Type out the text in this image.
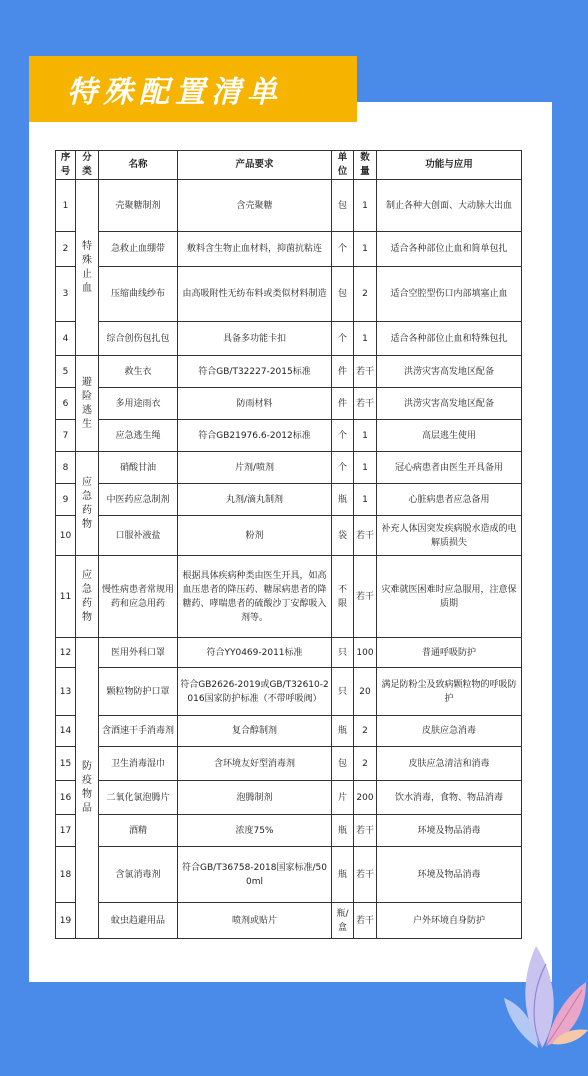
特殊配置清单
序号	分类	名称	产品要求	单位	数量	功能与应用
1	特殊止血	壳聚糖制剂	含壳聚糖	包	1	制止各种大创面、大动脉大出血
2		急救止血绷带	敷料含生物止血材料，抑菌抗粘连	个	1	适合各种部位止血和简单包扎
3		压缩曲线纱布	由高吸附性无纺布料或类似材料制造	包	2	适合空腔型伤口内部填塞止血
4		综合创伤包扎包	具备多功能卡扣	个	1	适合各种部位止血和特殊包扎
5	避险逃生	救生衣	符合GB/T32227-2015标准	件	若干	洪涝灾害高发地区配备
6		多用途雨衣	防雨材料	件	若干	洪涝灾害高发地区配备
7		应急逃生绳	符合GB21976.6-2012标准	个	1	高层逃生使用
8	应急药物	硝酸甘油	片剂/喷剂	个	1	冠心病患者由医生开具备用
9		中医药应急制剂	丸剂/滴丸制剂	瓶	1	心脏病患者应急备用
10		口服补液盐	粉剂	袋	若干	补充人体因突发疾病脱水造成的电解质损失
11	应急药物	慢性病患者常规用药和应急用药	根据具体疾病种类由医生开具，如高血压患者的降压药、糖尿病患者的降糖药、哮喘患者的硫酸沙丁安醇吸入剂等。	不限	若干	灾难就医困难时应急服用，注意保质期
12	防疫物品	医用外科口罩	符合YY0469-2011标准	只	100	普通呼吸防护
13		颗粒物防护口罩	符合GB2626-2019或GB/T32610-2016国家防护标准（不带呼吸阀）	只	20	满足防粉尘及致病颗粒物的呼吸防护
14		含酒速干手消毒剂	复合醇制剂	瓶	2	皮肤应急消毒
15		卫生消毒湿巾	含环境友好型消毒剂	包	2	皮肤应急清洁和消毒
16		二氧化氯泡腾片	泡腾制剂	片	200	饮水消毒，食物、物品消毒
17		酒精	浓度75%	瓶	若干	环境及物品消毒
18		含氯消毒剂	符合GB/T36758-2018国家标准/500ml	瓶	若干	环境及物品消毒
19		蚊虫趋避用品	喷剂或贴片	瓶/盒	若干	户外环境自身防护
